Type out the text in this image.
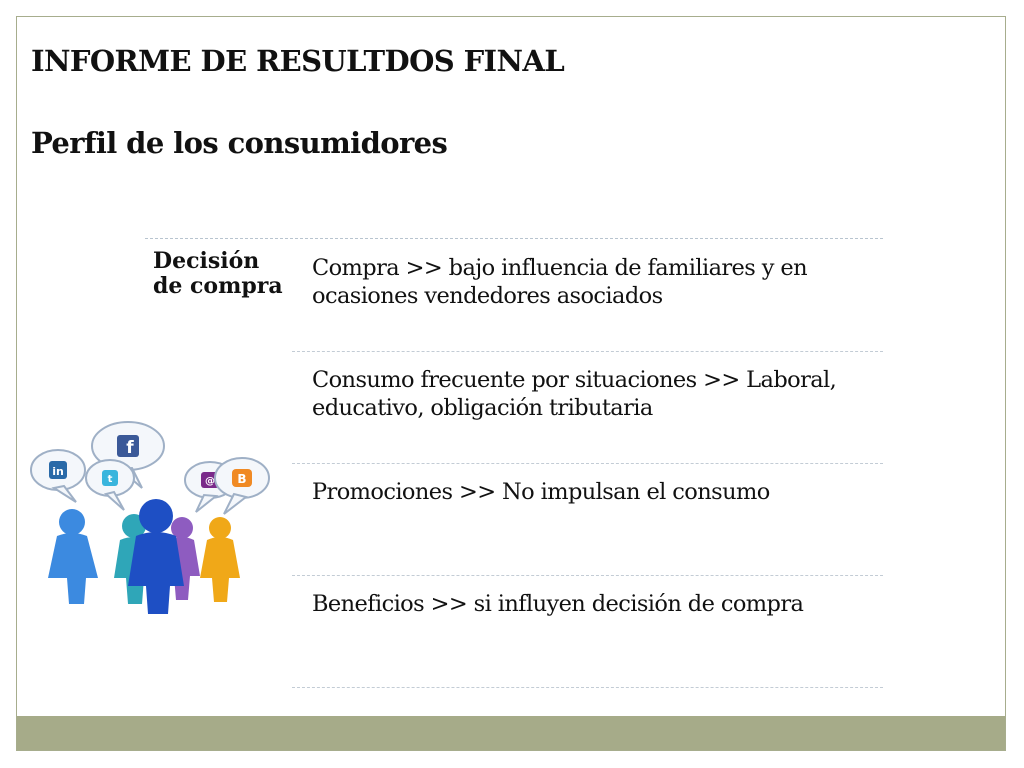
INFORME DE RESULTDOS FINAL
Perfil de los consumidores
Decisión de compra
Compra >> bajo influencia de familiares y en ocasiones vendedores asociados
Consumo frecuente por situaciones >> Laboral, educativo, obligación tributaria
Promociones >> No impulsan el consumo
Beneficios >> si influyen decisión de compra
in
f
t	@ B
